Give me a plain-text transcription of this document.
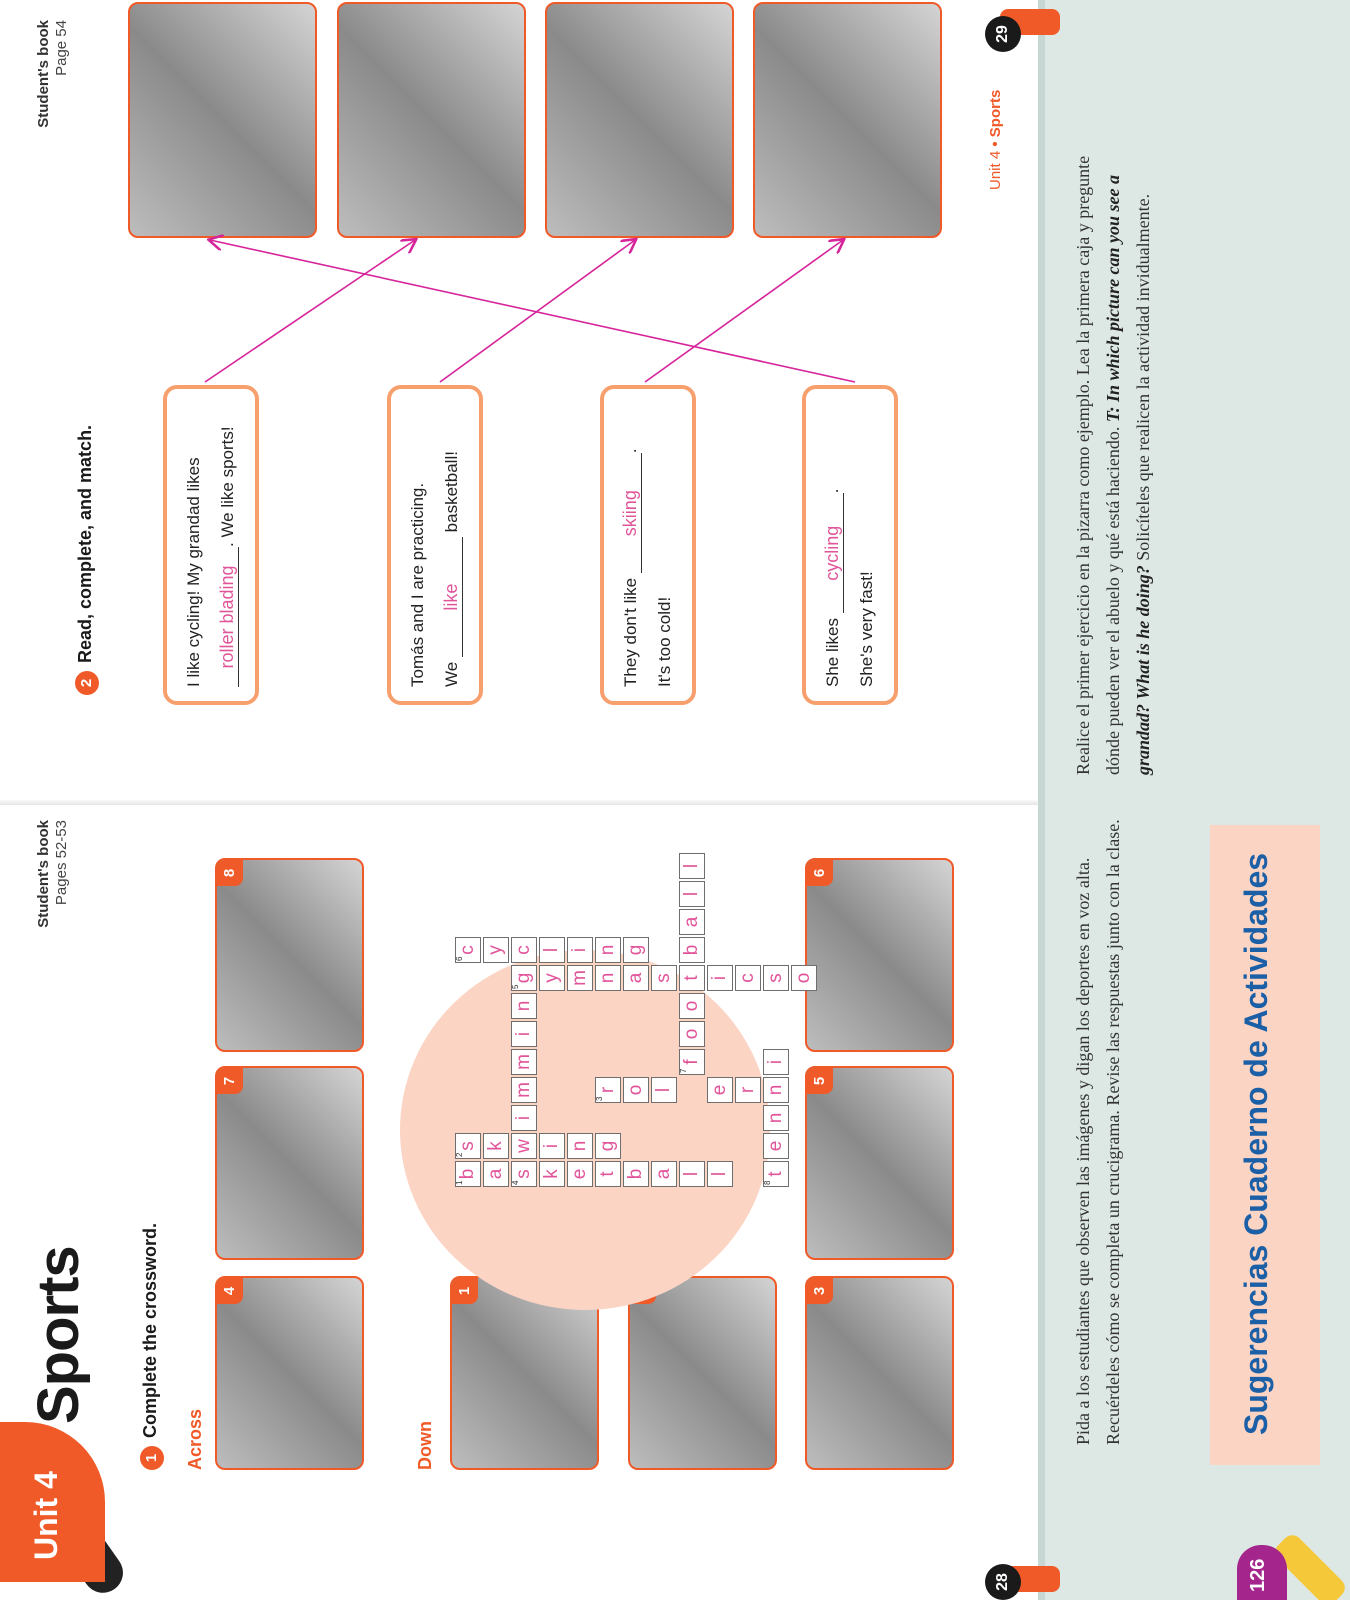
Unit 4
Sports
Student's book Pages 52-53
1Complete the crossword.
Across	Down
4
7
8
1	3
5
6
b
1
a s
4
k e t b a l l
w
i
m
m
i
n
g
5
s
2
k i n g
y m n a s t i c s
f
7
o
o
b
a
l
l
t
8
e
n
n
i
o
r
3
o l e r
c
6
y c l i n g
28
Student's book Page 54
2Read, complete, and match.	I like cycling! My grandad likes roller blading. We like sports!	Tomás and I are practicing. We like basketball!
They don't like skiing.
It's too cold!	She likes cycling.
She's very fast!
Unit 4 • Sports
29
Pida a los estudiantes que observen las imágenes y digan los deportes en voz alta. Recuérdeles cómo se completa un crucigrama. Revise las respuestas junto con la clase.
Realice el primer ejercicio en la pizarra como ejemplo. Lea la primera caja y pregunte dónde pueden ver el abuelo y qué está haciendo. T: In which picture can you see a grandad? What is he doing? Solicíteles que realicen la actividad invidualmente.
Sugerencias Cuaderno de Actividades
126
